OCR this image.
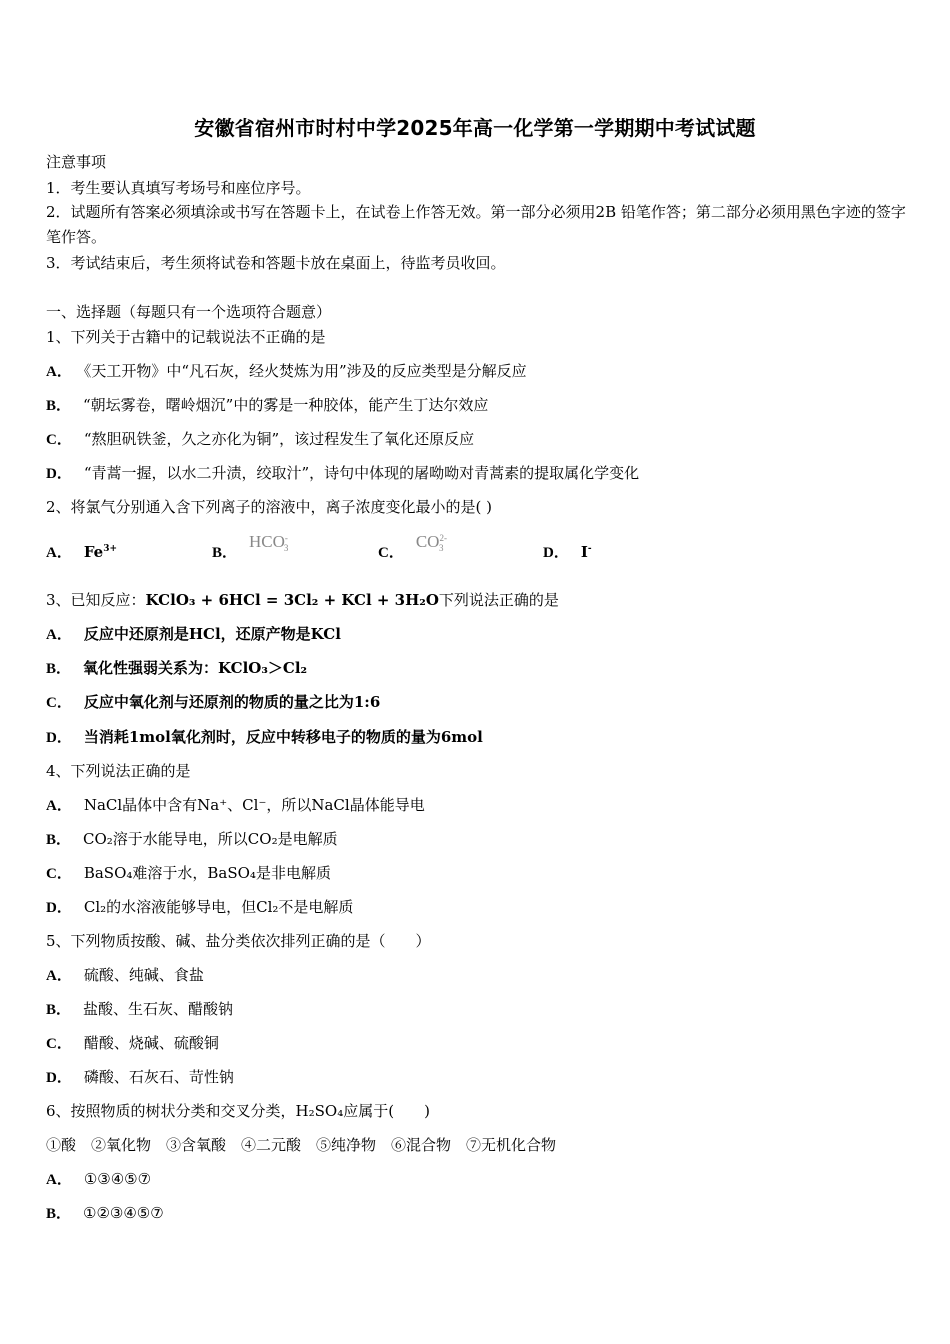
安徽省宿州市时村中学2025年高一化学第一学期期中考试试题
注意事项
1．考生要认真填写考场号和座位序号。
2．试题所有答案必须填涂或书写在答题卡上，在试卷上作答无效。第一部分必须用2B 铅笔作答；第二部分必须用黑色字迹的签字笔作答。
3．考试结束后，考生须将试卷和答题卡放在桌面上，待监考员收回。
一、选择题（每题只有一个选项符合题意）
1、下列关于古籍中的记载说法不正确的是
A． 《天工开物》中“凡石灰，经火焚炼为用”涉及的反应类型是分解反应
B． “朝坛雾卷，曙岭烟沉”中的雾是一种胶体，能产生丁达尔效应
C． “熬胆矾铁釜，久之亦化为铜”，该过程发生了氧化还原反应
D． “青蒿一握，以水二升渍，绞取汁”，诗句中体现的屠呦呦对青蒿素的提取属化学变化
2、将氯气分别通入含下列离子的溶液中，离子浓度变化最小的是( )
A． $Fe^{3+}$	B．$HCO^-_3$	C．$CO^{2-}_3$	D． I-
3、已知反应：KClO₃ + 6HCl = 3Cl₂ + KCl + 3H₂O下列说法正确的是
A． 反应中还原剂是HCl，还原产物是KCl
B． 氧化性强弱关系为：KClO₃＞Cl₂
C． 反应中氧化剂与还原剂的物质的量之比为1:6
D． 当消耗1mol氧化剂时，反应中转移电子的物质的量为6mol
4、下列说法正确的是
A． NaCl晶体中含有Na⁺、Cl⁻，所以NaCl晶体能导电
B． CO₂溶于水能导电，所以CO₂是电解质
C． BaSO₄难溶于水，BaSO₄是非电解质
D． Cl₂的水溶液能够导电，但Cl₂不是电解质
5、下列物质按酸、碱、盐分类依次排列正确的是（　　）
A． 硫酸、纯碱、食盐
B． 盐酸、生石灰、醋酸钠
C． 醋酸、烧碱、硫酸铜
D． 磷酸、石灰石、苛性钠
6、按照物质的树状分类和交叉分类，H₂SO₄应属于(　　)
①酸　②氧化物　③含氧酸　④二元酸　⑤纯净物　⑥混合物　⑦无机化合物
A． ①③④⑤⑦
B． ①②③④⑤⑦
